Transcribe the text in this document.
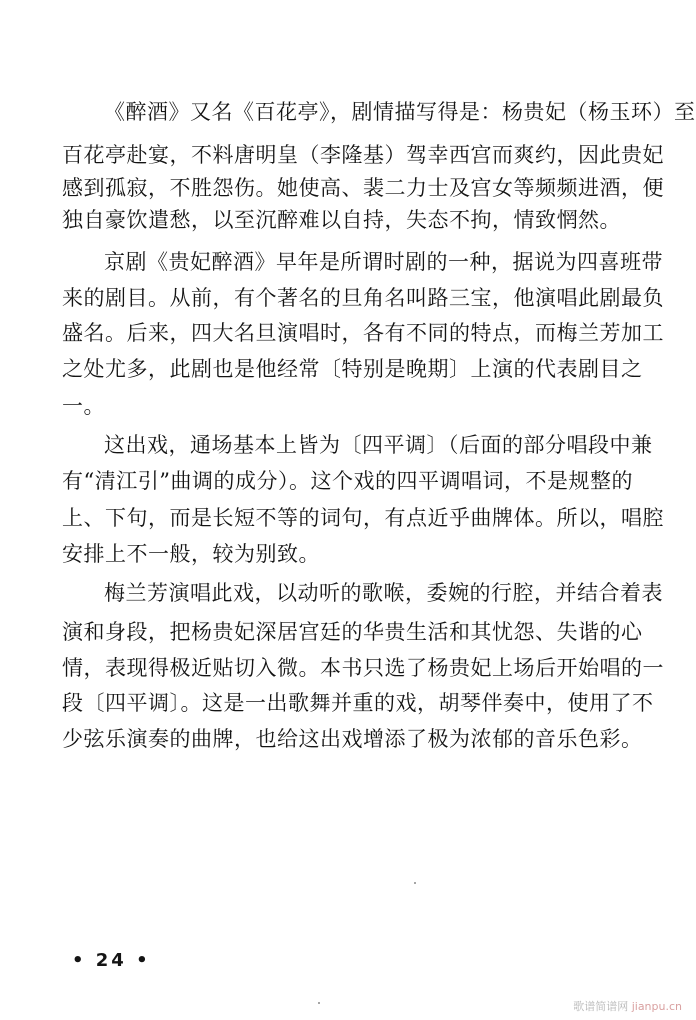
《醉酒》又名《百花亭》，剧情描写得是：杨贵妃（杨玉环）至
百花亭赴宴，不料唐明皇（李隆基）驾幸西宫而爽约，因此贵妃
感到孤寂，不胜怨伤。她使高、裴二力士及宫女等频频进酒，便
独自豪饮遣愁，以至沉醉难以自持，失态不拘，情致惘然。
京剧《贵妃醉酒》早年是所谓时剧的一种，据说为四喜班带
来的剧目。从前，有个著名的旦角名叫路三宝，他演唱此剧最负
盛名。后来，四大名旦演唱时，各有不同的特点，而梅兰芳加工
之处尤多，此剧也是他经常〔特别是晚期〕上演的代表剧目之
一。
这出戏，通场基本上皆为〔四平调〕（后面的部分唱段中兼
有“清江引”曲调的成分）。这个戏的四平调唱词，不是规整的
上、下句，而是长短不等的词句，有点近乎曲牌体。所以，唱腔
安排上不一般，较为别致。
梅兰芳演唱此戏，以动听的歌喉，委婉的行腔，并结合着表
演和身段，把杨贵妃深居宫廷的华贵生活和其忧怨、失谐的心
情，表现得极近贴切入微。本书只选了杨贵妃上场后开始唱的一
段〔四平调〕。这是一出歌舞并重的戏，胡琴伴奏中，使用了不
少弦乐演奏的曲牌，也给这出戏增添了极为浓郁的音乐色彩。
• 24 •
歌谱简谱网 jianpu.cn
